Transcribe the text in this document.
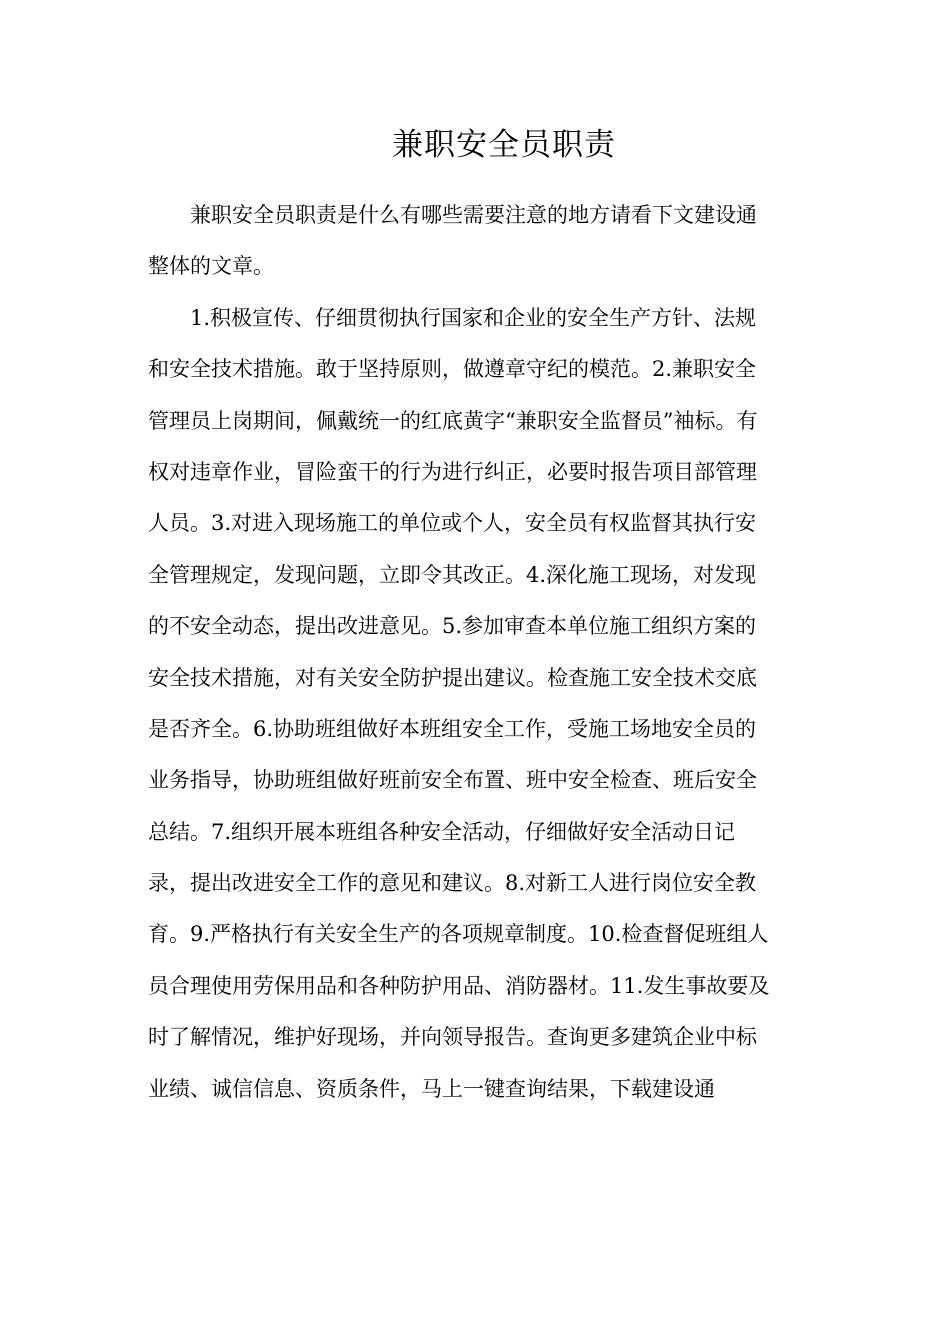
兼职安全员职责

　　兼职安全员职责是什么有哪些需要注意的地方请看下文建设通

整体的文章。

　　1.积极宣传、仔细贯彻执行国家和企业的安全生产方针、法规

和安全技术措施。敢于坚持原则，做遵章守纪的模范。2.兼职安全

管理员上岗期间，佩戴统一的红底黄字“兼职安全监督员”袖标。有

权对违章作业，冒险蛮干的行为进行纠正，必要时报告项目部管理

人员。3.对进入现场施工的单位或个人，安全员有权监督其执行安

全管理规定，发现问题，立即令其改正。4.深化施工现场，对发现

的不安全动态，提出改进意见。5.参加审查本单位施工组织方案的

安全技术措施，对有关安全防护提出建议。检查施工安全技术交底

是否齐全。6.协助班组做好本班组安全工作，受施工场地安全员的

业务指导，协助班组做好班前安全布置、班中安全检查、班后安全

总结。7.组织开展本班组各种安全活动，仔细做好安全活动日记

录，提出改进安全工作的意见和建议。8.对新工人进行岗位安全教

育。9.严格执行有关安全生产的各项规章制度。10.检查督促班组人

员合理使用劳保用品和各种防护用品、消防器材。11.发生事故要及

时了解情况，维护好现场，并向领导报告。查询更多建筑企业中标

业绩、诚信信息、资质条件，马上一键查询结果，下载建设通
